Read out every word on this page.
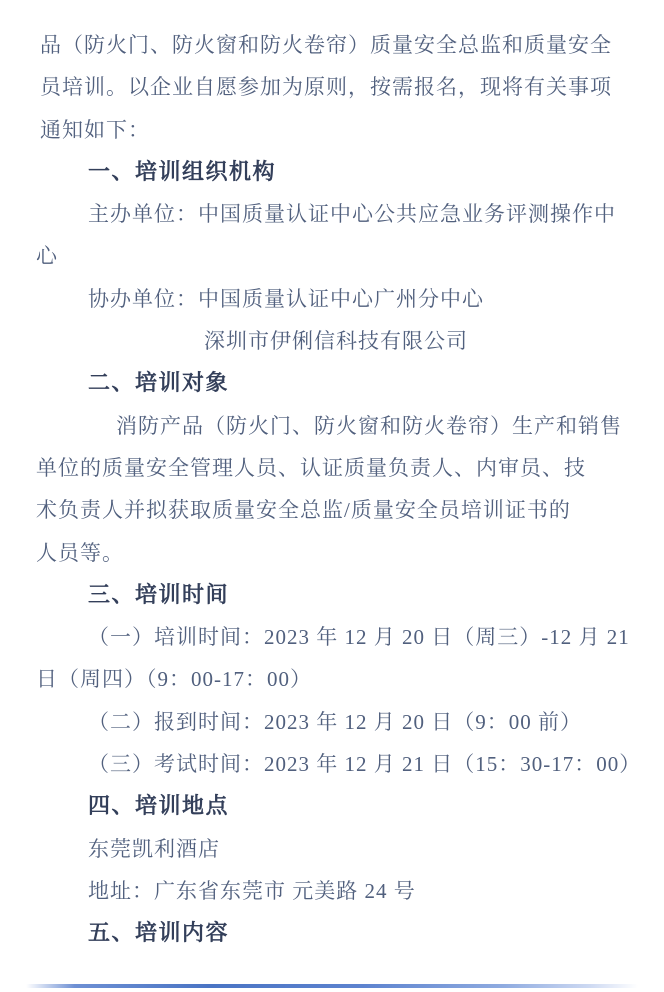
品（防火门、防火窗和防火卷帘）质量安全总监和质量安全
员培训。以企业自愿参加为原则，按需报名，现将有关事项
通知如下：
一、培训组织机构
主办单位：中国质量认证中心公共应急业务评测操作中
心
协办单位：中国质量认证中心广州分中心
深圳市伊俐信科技有限公司
二、培训对象
消防产品（防火门、防火窗和防火卷帘）生产和销售
单位的质量安全管理人员、认证质量负责人、内审员、技
术负责人并拟获取质量安全总监/质量安全员培训证书的
人员等。
三、培训时间
（一）培训时间：2023 年 12 月 20 日（周三）-12 月 21
日（周四）（9：00-17：00）
（二）报到时间：2023 年 12 月 20 日（9：00 前）
（三）考试时间：2023 年 12 月 21 日（15：30-17：00）
四、培训地点
东莞凯利酒店
地址：广东省东莞市 元美路 24 号
五、培训内容
